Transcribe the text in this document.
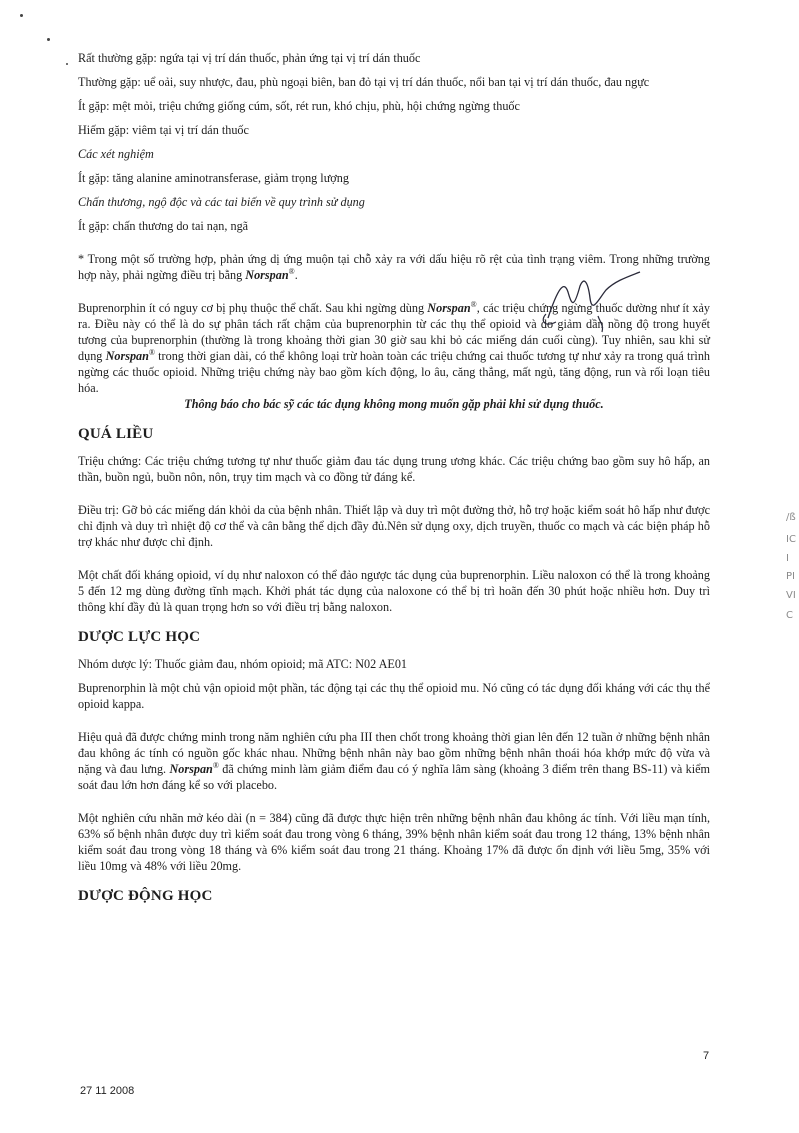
Rất thường gặp: ngứa tại vị trí dán thuốc, phản ứng tại vị trí dán thuốc

Thường gặp: uể oải, suy nhược, đau, phù ngoại biên, ban đỏ tại vị trí dán thuốc, nổi ban tại vị trí dán thuốc, đau ngực

Ít gặp: mệt mỏi, triệu chứng giống cúm, sốt, rét run, khó chịu, phù, hội chứng ngừng thuốc

Hiếm gặp: viêm tại vị trí dán thuốc

Các xét nghiệm

Ít gặp: tăng alanine aminotransferase, giảm trọng lượng

Chấn thương, ngộ độc và các tai biến về quy trình sử dụng

Ít gặp: chấn thương do tai nạn, ngã

* Trong một số trường hợp, phản ứng dị ứng muộn tại chỗ xảy ra với dấu hiệu rõ rệt của tình trạng viêm. Trong những trường hợp này, phải ngừng điều trị bằng Norspan®.

Buprenorphin ít có nguy cơ bị phụ thuộc thể chất. Sau khi ngừng dùng Norspan®, các triệu chứng ngừng thuốc dường như ít xảy ra. Điều này có thể là do sự phân tách rất chậm của buprenorphin từ các thụ thể opioid và do giảm dần nồng độ trong huyết tương của buprenorphin (thường là trong khoảng thời gian 30 giờ sau khi bỏ các miếng dán cuối cùng). Tuy nhiên, sau khi sử dụng Norspan® trong thời gian dài, có thể không loại trừ hoàn toàn các triệu chứng cai thuốc tương tự như xảy ra trong quá trình ngừng các thuốc opioid. Những triệu chứng này bao gồm kích động, lo âu, căng thẳng, mất ngủ, tăng động, run và rối loạn tiêu hóa.

Thông báo cho bác sỹ các tác dụng không mong muốn gặp phải khi sử dụng thuốc.

QUÁ LIỀU

Triệu chứng: Các triệu chứng tương tự như thuốc giảm đau tác dụng trung ương khác. Các triệu chứng bao gồm suy hô hấp, an thần, buồn ngủ, buồn nôn, nôn, trụy tim mạch và co đồng tử đáng kể.

Điều trị: Gỡ bỏ các miếng dán khỏi da của bệnh nhân. Thiết lập và duy trì một đường thở, hỗ trợ hoặc kiểm soát hô hấp như được chỉ định và duy trì nhiệt độ cơ thể và cân bằng thể dịch đầy đủ.Nên sử dụng oxy, dịch truyền, thuốc co mạch và các biện pháp hỗ trợ khác như được chỉ định.

Một chất đối kháng opioid, ví dụ như naloxon có thể đảo ngược tác dụng của buprenorphin. Liều naloxon có thể là trong khoảng 5 đến 12 mg dùng đường tĩnh mạch. Khởi phát tác dụng của naloxone có thể bị trì hoãn đến 30 phút hoặc nhiều hơn. Duy trì thông khí đầy đủ là quan trọng hơn so với điều trị bằng naloxon.

DƯỢC LỰC HỌC

Nhóm dược lý: Thuốc giảm đau, nhóm opioid; mã ATC: N02 AE01

Buprenorphin là một chủ vận opioid một phần, tác động tại các thụ thể opioid mu. Nó cũng có tác dụng đối kháng với các thụ thể opioid kappa.

Hiệu quả đã được chứng minh trong năm nghiên cứu pha III then chốt trong khoảng thời gian lên đến 12 tuần ở những bệnh nhân đau không ác tính có nguồn gốc khác nhau. Những bệnh nhân này bao gồm những bệnh nhân thoái hóa khớp mức độ vừa và nặng và đau lưng. Norspan® đã chứng minh làm giảm điểm đau có ý nghĩa lâm sàng (khoảng 3 điểm trên thang BS-11) và kiểm soát đau lớn hơn đáng kể so với placebo.

Một nghiên cứu nhãn mở kéo dài (n = 384) cũng đã được thực hiện trên những bệnh nhân đau không ác tính. Với liều mạn tính, 63% số bệnh nhân được duy trì kiểm soát đau trong vòng 6 tháng, 39% bệnh nhân kiểm soát đau trong 12 tháng, 13% bệnh nhân kiểm soát đau trong vòng 18 tháng và 6% kiểm soát đau trong 21 tháng. Khoảng 17% đã được ổn định với liều 5mg, 35% với liều 10mg và 48% với liều 20mg.

DƯỢC ĐỘNG HỌC
/ß
IC
I
PI
VI
C
7
27 11 2008
